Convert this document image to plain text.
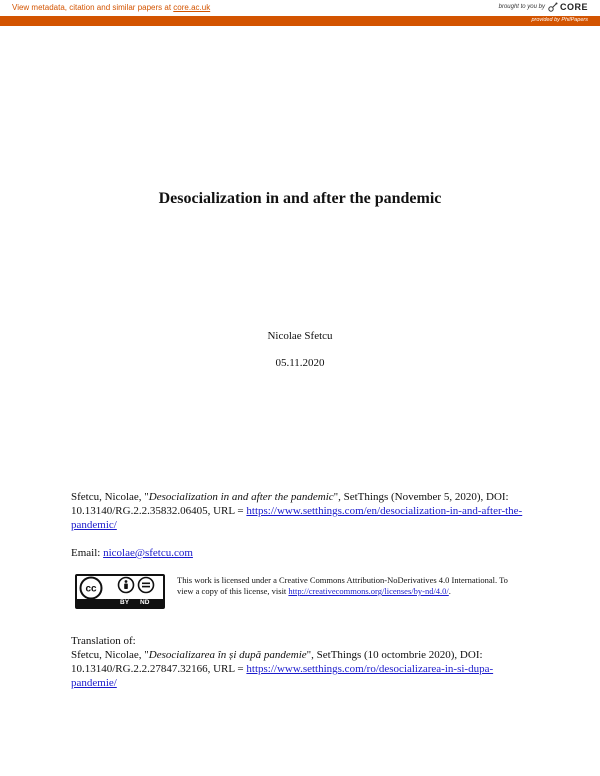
View metadata, citation and similar papers at core.ac.uk	brought to you by CORE
provided by PhilPapers
Desocialization in and after the pandemic
Nicolae Sfetcu
05.11.2020
Sfetcu, Nicolae, "Desocialization in and after the pandemic", SetThings (November 5, 2020), DOI: 10.13140/RG.2.2.35832.06405, URL = https://www.setthings.com/en/desocialization-in-and-after-the-pandemic/
Email: nicolae@sfetcu.com
cc
BY ND
This work is licensed under a Creative Commons Attribution-NoDerivatives 4.0 International. To view a copy of this license, visit http://creativecommons.org/licenses/by-nd/4.0/.
Translation of:
Sfetcu, Nicolae, "Desocializarea în și după pandemie", SetThings (10 octombrie 2020), DOI: 10.13140/RG.2.2.27847.32166, URL = https://www.setthings.com/ro/desocializarea-in-si-dupa-pandemie/
